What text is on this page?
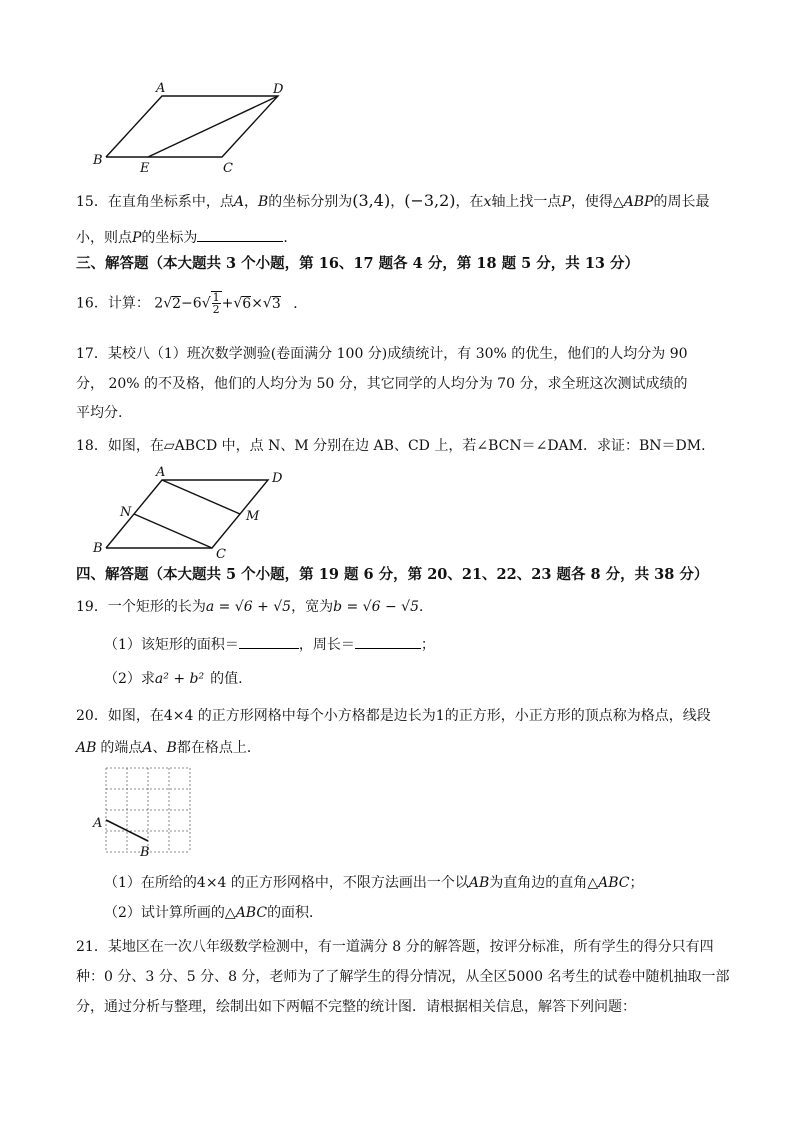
A	D
B
E	C
15．在直角坐标系中，点A，B的坐标分别为(3,4)，(−3,2)，在x轴上找一点P，使得△ABP的周长最
小，则点P的坐标为	．
三、解答题（本大题共 3 个小题，第 16、17 题各 4 分，第 18 题 5 分，共 13 分）
16．计算： $2√2-6√ \frac{1}{2} +√6\times√3$ ．
17．某校八（1）班次数学测验(卷面满分 100 分)成绩统计，有 30% 的优生，他们的人均分为 90
分， 20% 的不及格，他们的人均分为 50 分，其它同学的人均分为 70 分，求全班这次测试成绩的
平均分.
18．如图，在▱ABCD 中，点 N、M 分别在边 AB、CD 上，若∠BCN＝∠DAM．求证：BN＝DM．
A	D
N	M
B	C
四、解答题（本大题共 5 个小题，第 19 题 6 分，第 20、21、22、23 题各 8 分，共 38 分）
19．一个矩形的长为a = √6 + √5，宽为b = √6 − √5．
（1）该矩形的面积＝	，周长＝	；
（2）求a² + b² 的值.
20．如图，在4×4 的正方形网格中每个小方格都是边长为1的正方形，小正方形的顶点称为格点，线段
AB 的端点A、B都在格点上．
A
B
（1）在所给的4×4 的正方形网格中，不限方法画出一个以AB为直角边的直角△ABC；
（2）试计算所画的△ABC的面积．
21．某地区在一次八年级数学检测中，有一道满分 8 分的解答题，按评分标准，所有学生的得分只有四
种：0 分、3 分、5 分、8 分，老师为了了解学生的得分情况，从全区5000 名考生的试卷中随机抽取一部
分，通过分析与整理，绘制出如下两幅不完整的统计图．请根据相关信息，解答下列问题：
